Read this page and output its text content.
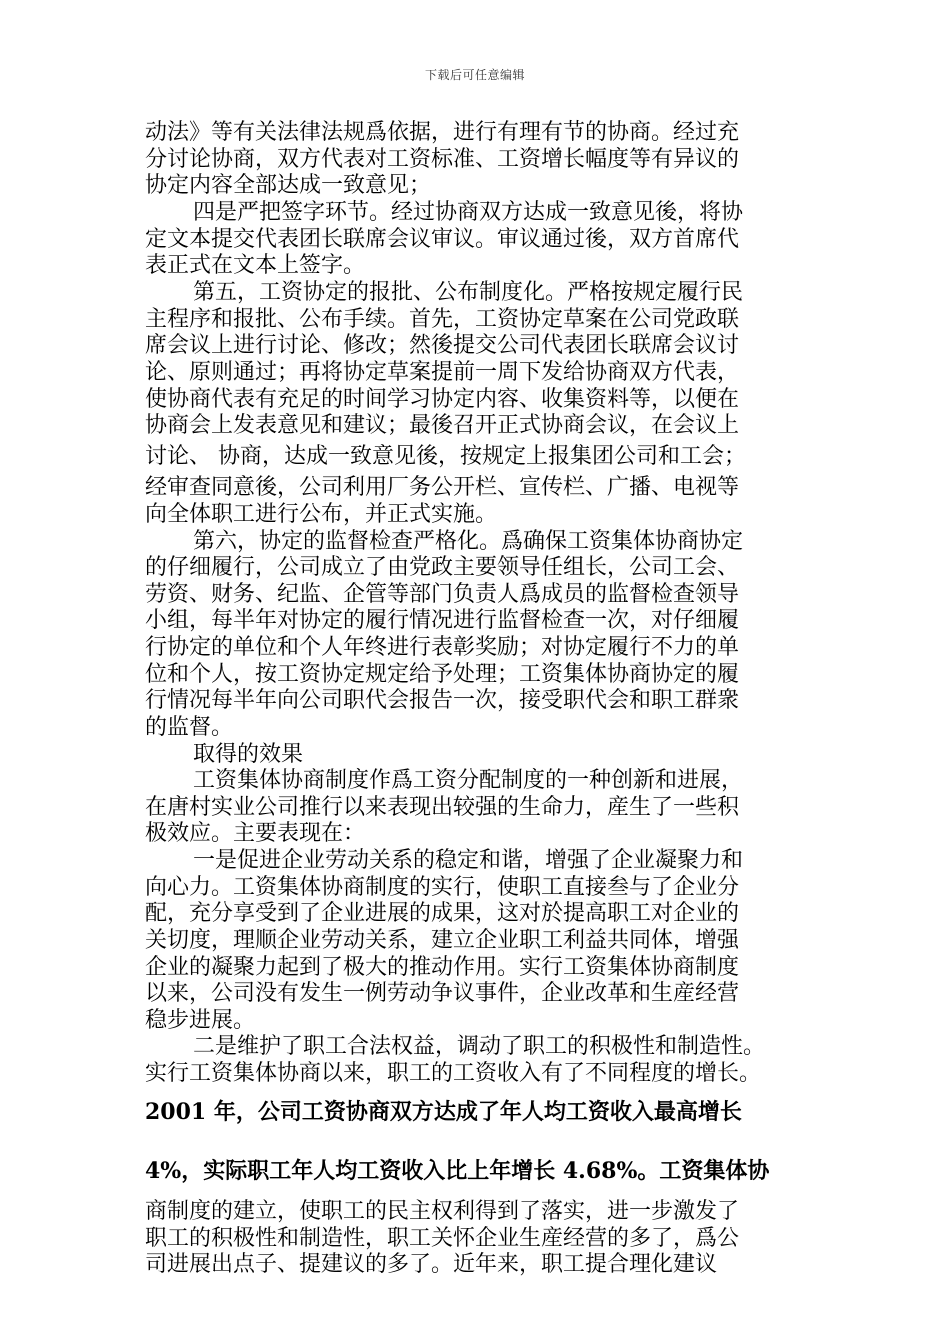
下载后可任意编辑
动法》等有关法律法规爲依据，进行有理有节的协商。经过充
分讨论协商，双方代表对工资标准、工资增长幅度等有异议的
协定内容全部达成一致意见；
四是严把签字环节。经过协商双方达成一致意见後，将协
定文本提交代表团长联席会议审议。审议通过後，双方首席代
表正式在文本上签字。
第五，工资协定的报批、公布制度化。严格按规定履行民
主程序和报批、公布手续。首先，工资协定草案在公司党政联
席会议上进行讨论、修改；然後提交公司代表团长联席会议讨
论、原则通过；再将协定草案提前一周下发给协商双方代表，
使协商代表有充足的时间学习协定内容、收集资料等，以便在
协商会上发表意见和建议；最後召开正式协商会议，在会议上
讨论、 协商，达成一致意见後，按规定上报集团公司和工会；
经审查同意後，公司利用厂务公开栏、宣传栏、广播、电视等
向全体职工进行公布，并正式实施。
第六，协定的监督检查严格化。爲确保工资集体协商协定
的仔细履行，公司成立了由党政主要领导任组长，公司工会、
劳资、财务、纪监、企管等部门负责人爲成员的监督检查领导
小组，每半年对协定的履行情况进行监督检查一次，对仔细履
行协定的单位和个人年终进行表彰奖励；对协定履行不力的单
位和个人，按工资协定规定给予处理；工资集体协商协定的履
行情况每半年向公司职代会报告一次，接受职代会和职工群衆
的监督。
取得的效果
工资集体协商制度作爲工资分配制度的一种创新和进展，
在唐村实业公司推行以来表现出较强的生命力，産生了一些积
极效应。主要表现在：
一是促进企业劳动关系的稳定和谐，增强了企业凝聚力和
向心力。工资集体协商制度的实行，使职工直接叁与了企业分
配，充分享受到了企业进展的成果，这对於提高职工对企业的
关切度，理顺企业劳动关系，建立企业职工利益共同体，增强
企业的凝聚力起到了极大的推动作用。实行工资集体协商制度
以来，公司没有发生一例劳动争议事件，企业改革和生産经营
稳步进展。
二是维护了职工合法权益，调动了职工的积极性和制造性。
实行工资集体协商以来，职工的工资收入有了不同程度的增长。
2001 年，公司工资协商双方达成了年人均工资收入最高增长
4%，实际职工年人均工资收入比上年增长 4.68%。工资集体协
商制度的建立，使职工的民主权利得到了落实，进一步激发了
职工的积极性和制造性，职工关怀企业生産经营的多了，爲公
司进展出点子、提建议的多了。近年来，职工提合理化建议
